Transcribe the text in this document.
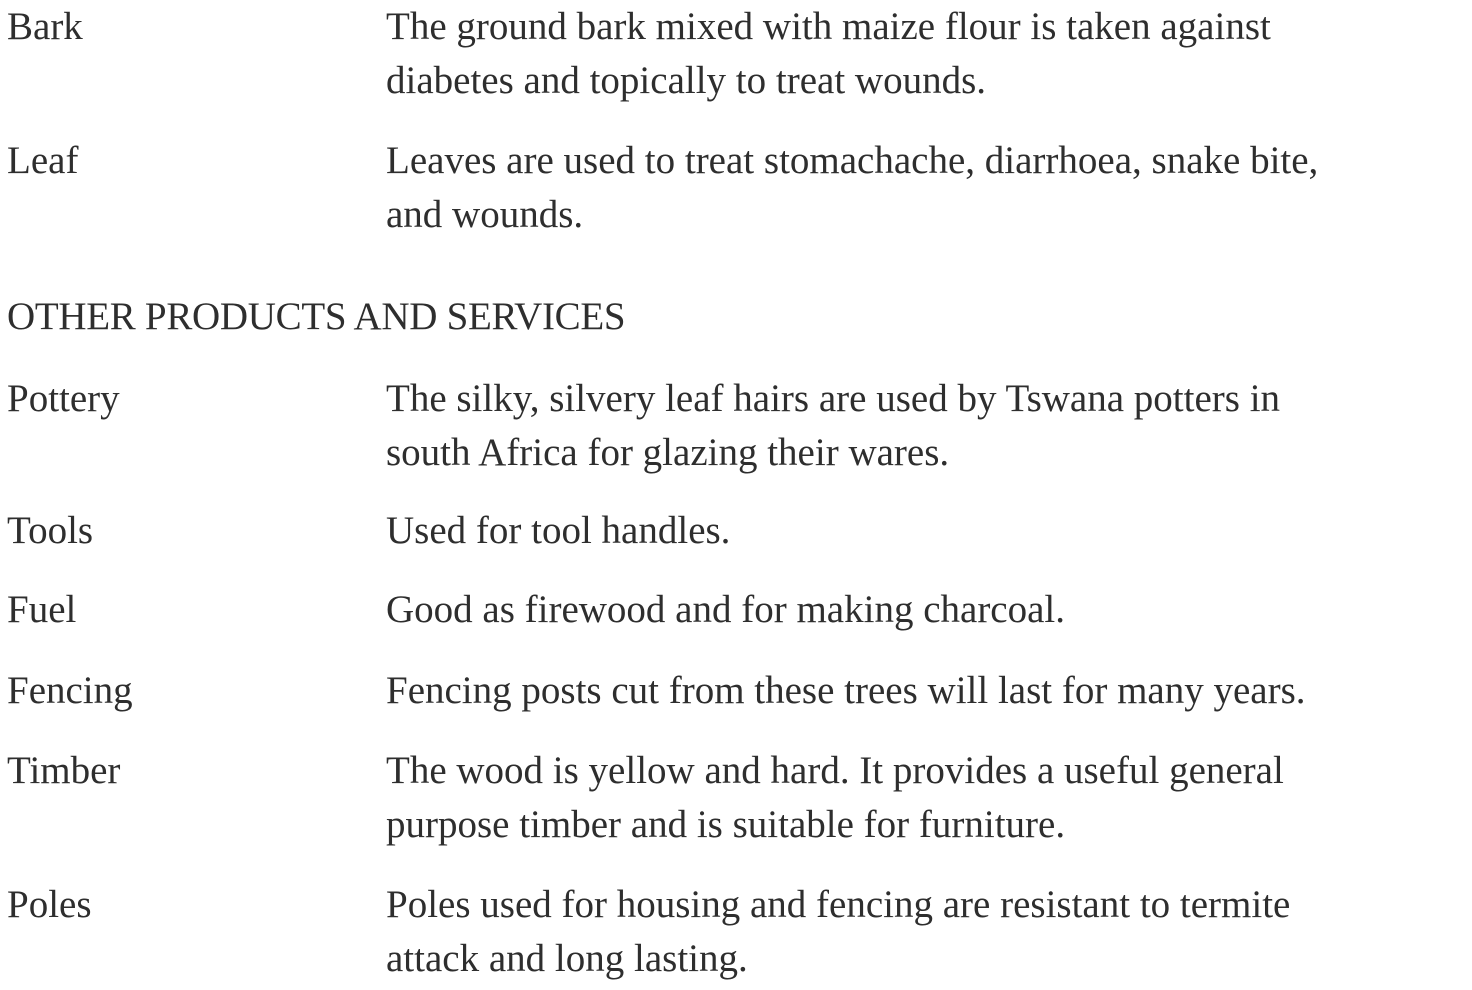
Bark	The ground bark mixed with maize flour is taken against
diabetes and topically to treat wounds.
Leaf	Leaves are used to treat stomachache, diarrhoea, snake bite,
and wounds.
OTHER PRODUCTS AND SERVICES
Pottery	The silky, silvery leaf hairs are used by Tswana potters in
south Africa for glazing their wares.
Tools	Used for tool handles.
Fuel	Good as firewood and for making charcoal.
Fencing	Fencing posts cut from these trees will last for many years.
Timber	The wood is yellow and hard. It provides a useful general
purpose timber and is suitable for furniture.
Poles	Poles used for housing and fencing are resistant to termite
attack and long lasting.
